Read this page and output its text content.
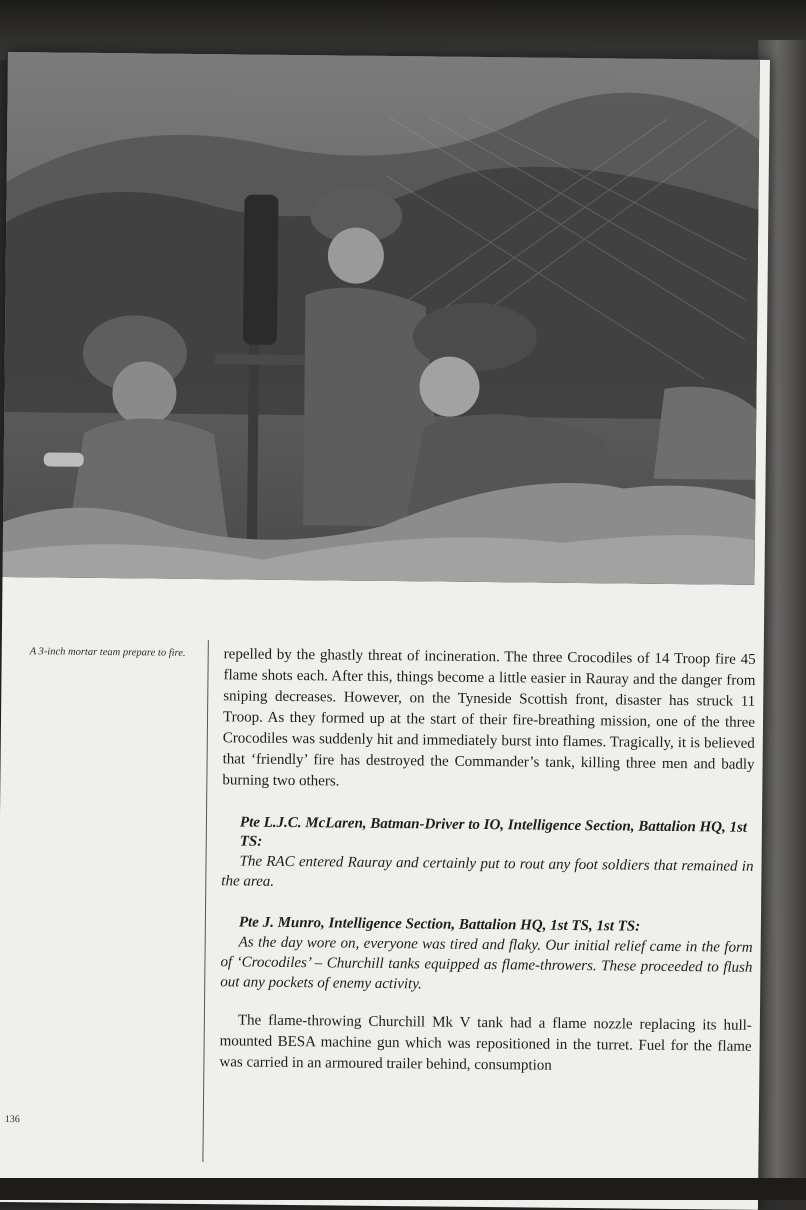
A 3-inch mortar team prepare to fire.
136

repelled by the ghastly threat of incineration. The three Crocodiles of 14 Troop fire 45 flame shots each. After this, things become a little easier in Rauray and the danger from sniping decreases. However, on the Tyneside Scottish front, disaster has struck 11 Troop. As they formed up at the start of their fire-breathing mission, one of the three Crocodiles was suddenly hit and immediately burst into flames. Tragically, it is believed that ‘friendly’ fire has destroyed the Commander’s tank, killing three men and badly burning two others.

Pte L.J.C. McLaren, Batman-Driver to IO, Intelligence Section, Battalion HQ, 1st TS:

The RAC entered Rauray and certainly put to rout any foot soldiers that remained in the area.

Pte J. Munro, Intelligence Section, Battalion HQ, 1st TS, 1st TS:

As the day wore on, everyone was tired and flaky. Our initial relief came in the form of ‘Crocodiles’ – Churchill tanks equipped as flame-throwers. These proceeded to flush out any pockets of enemy activity.

The flame-throwing Churchill Mk V tank had a flame nozzle replacing its hull-mounted BESA machine gun which was repositioned in the turret. Fuel for the flame was carried in an armoured trailer behind, consumption
